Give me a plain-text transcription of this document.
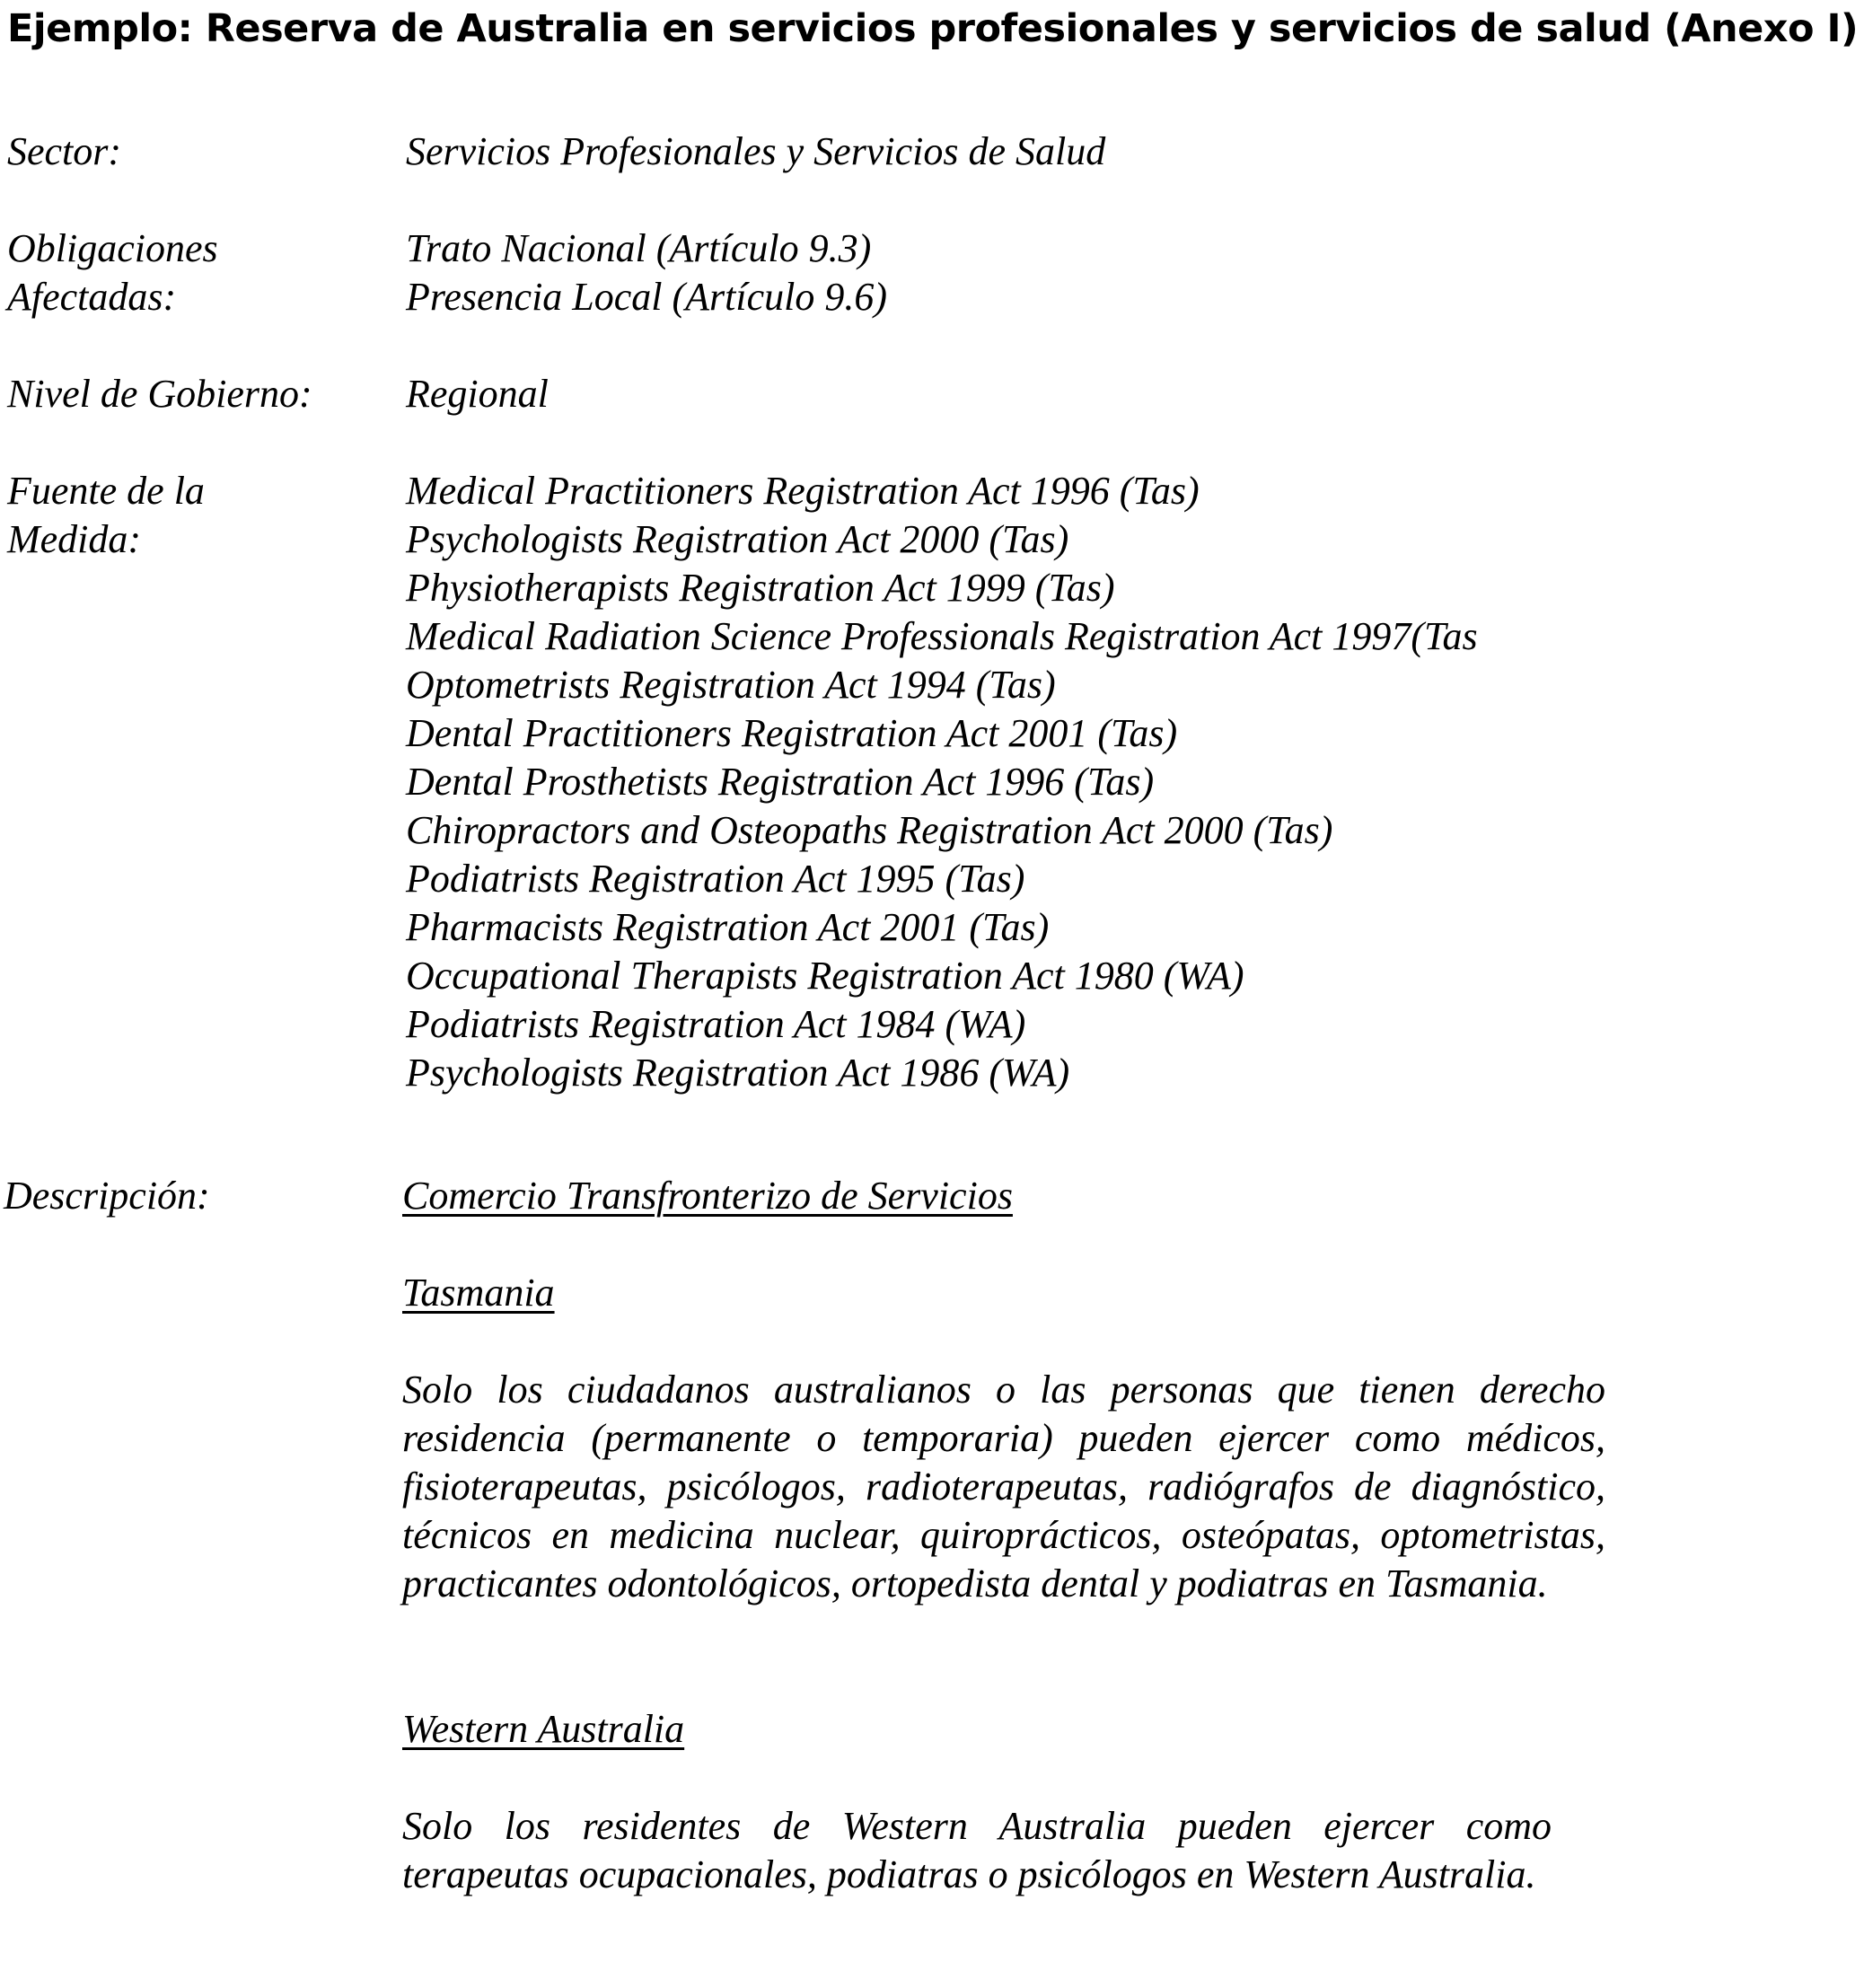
Ejemplo: Reserva de Australia en servicios profesionales y servicios de salud (Anexo I)
Sector:	Servicios Profesionales y Servicios de Salud
Obligaciones
Afectadas:
Trato Nacional (Artículo 9.3)
Presencia Local (Artículo 9.6)
Nivel de Gobierno: Regional
Fuente de la
Medida:
Medical Practitioners Registration Act 1996 (Tas)
Psychologists Registration Act 2000 (Tas)
Physiotherapists Registration Act 1999 (Tas)
Medical Radiation Science Professionals Registration Act 1997(Tas
Optometrists Registration Act 1994 (Tas)
Dental Practitioners Registration Act 2001 (Tas)
Dental Prosthetists Registration Act 1996 (Tas)
Chiropractors and Osteopaths Registration Act 2000 (Tas)
Podiatrists Registration Act 1995 (Tas)
Pharmacists Registration Act 2001 (Tas)
Occupational Therapists Registration Act 1980 (WA)
Podiatrists Registration Act 1984 (WA)
Psychologists Registration Act 1986 (WA)
Descripción:	Comercio Transfronterizo de Servicios
Tasmania
Solo los ciudadanos australianos o las personas que tienen derecho residencia (permanente o temporaria) pueden ejercer como médicos, fisioterapeutas, psicólogos, radioterapeutas, radiógrafos de diagnóstico, técnicos en medicina nuclear, quiroprácticos, osteópatas, optometristas, practicantes odontológicos, ortopedista dental y podiatras en Tasmania.
Western Australia
Solo los residentes de Western Australia pueden ejercer como terapeutas ocupacionales, podiatras o psicólogos en Western Australia.
